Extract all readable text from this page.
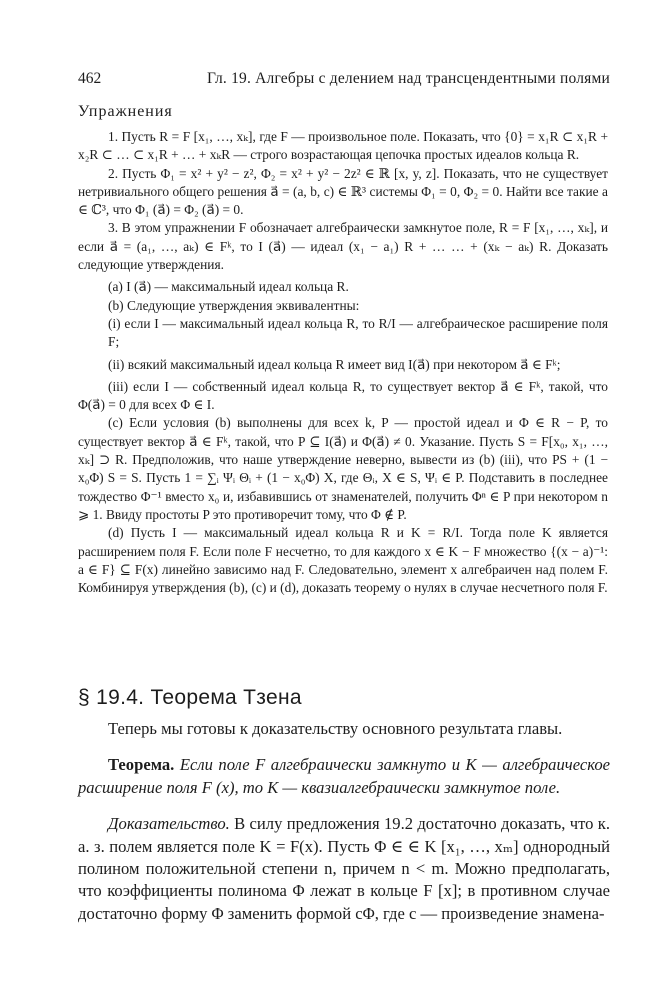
462	Гл. 19. Алгебры с делением над трансцендентными полями
Упражнения

1. Пусть R = F [x₁, …, xₖ], где F — произвольное поле. Показать, что {0} = x₁R ⊂ x₁R + x₂R ⊂ … ⊂ x₁R + … + xₖR — строго возрастающая цепочка простых идеалов кольца R.

2. Пусть Φ₁ = x² + y² − z², Φ₂ = x² + y² − 2z² ∈ ℝ [x, y, z]. Показать, что не существует нетривиального общего решения a⃗ = (a, b, c) ∈ ℝ³ системы Φ₁ = 0, Φ₂ = 0. Найти все такие a ∈ ℂ³, что Φ₁ (a⃗) = Φ₂ (a⃗) = 0.

3. В этом упражнении F обозначает алгебраически замкнутое поле, R = F [x₁, …, xₖ], и если a⃗ = (a₁, …, aₖ) ∈ Fᵏ, то I (a⃗) — идеал (x₁ − a₁) R + … … + (xₖ − aₖ) R. Доказать следующие утверждения.

(a) I (a⃗) — максимальный идеал кольца R.

(b) Следующие утверждения эквивалентны:

(i) если I — максимальный идеал кольца R, то R/I — алгебраическое расширение поля F;

(ii) всякий максимальный идеал кольца R имеет вид I(a⃗) при некотором a⃗ ∈ Fᵏ;

(iii) если I — собственный идеал кольца R, то существует вектор a⃗ ∈ Fᵏ, такой, что Φ(a⃗) = 0 для всех Φ ∈ I.

(c) Если условия (b) выполнены для всех k, P — простой идеал и Φ ∈ R − P, то существует вектор a⃗ ∈ Fᵏ, такой, что P ⊆ I(a⃗) и Φ(a⃗) ≠ 0. Указание. Пусть S = F[x₀, x₁, …, xₖ] ⊃ R. Предположив, что наше утверждение неверно, вывести из (b) (iii), что PS + (1 − x₀Φ) S = S. Пусть 1 = ∑ᵢ Ψᵢ Θᵢ + (1 − x₀Φ) X, где Θᵢ, X ∈ S, Ψᵢ ∈ P. Подставить в последнее тождество Φ⁻¹ вместо x₀ и, избавившись от знаменателей, получить Φⁿ ∈ P при некотором n ⩾ 1. Ввиду простоты P это противоречит тому, что Φ ∉ P.

(d) Пусть I — максимальный идеал кольца R и K = R/I. Тогда поле K является расширением поля F. Если поле F несчетно, то для каждого x ∈ K − F множество {(x − a)⁻¹: a ∈ F} ⊆ F(x) линейно зависимо над F. Следовательно, элемент x алгебраичен над полем F. Комбинируя утверждения (b), (c) и (d), доказать теорему о нулях в случае несчетного поля F.

§ 19.4. Теорема Тзена

Теперь мы готовы к доказательству основного результата главы.

Теорема. Если поле F алгебраически замкнуто и K — алгебраическое расширение поля F (x), то K — квазиалгебраически замкнутое поле.

Доказательство. В силу предложения 19.2 достаточно доказать, что к. а. з. полем является поле K = F(x). Пусть Φ ∈ ∈ K [x₁, …, xₘ] однородный полином положительной степени n, причем n < m. Можно предполагать, что коэффициенты полинома Φ лежат в кольце F [x]; в противном случае достаточно форму Φ заменить формой cΦ, где c — произведение знамена-
